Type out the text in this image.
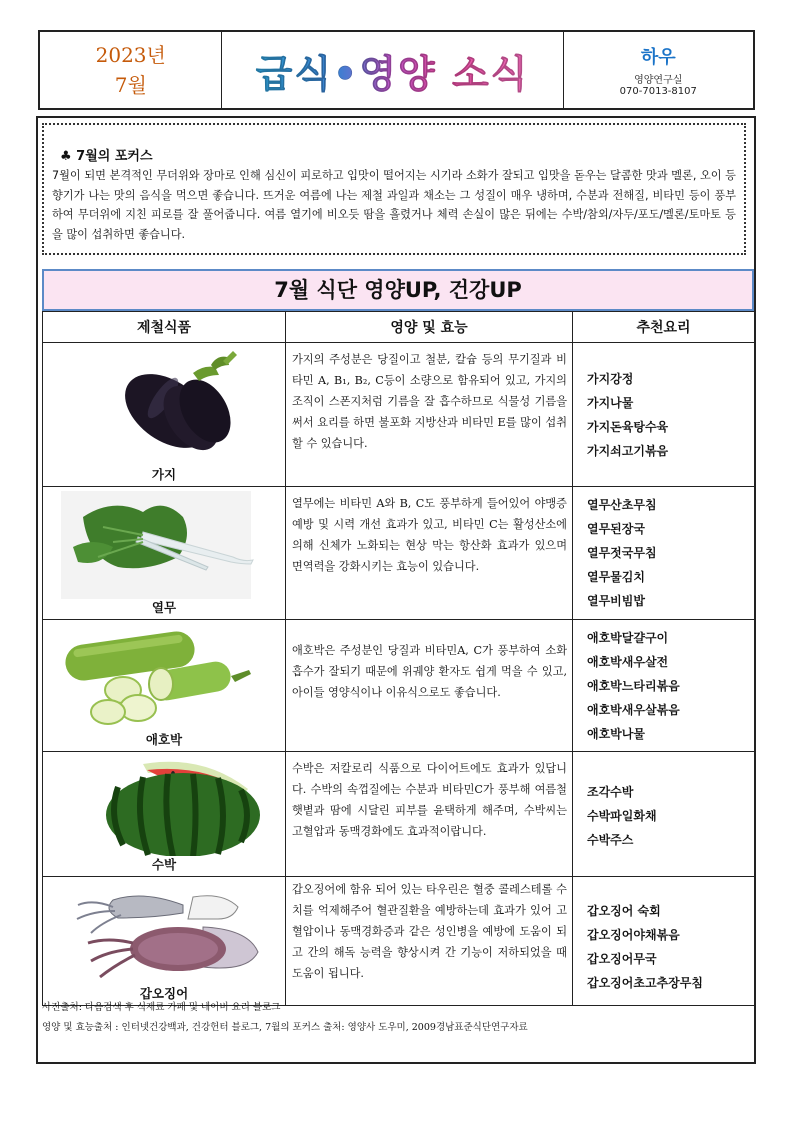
2023년
7월	급식•영양 소식	하우
영양연구실
070-7013-8107
♣ 7월의 포커스
7월이 되면 본격적인 무더위와 장마로 인해 심신이 피로하고 입맛이 떨어지는 시기라 소화가 잘되고 입맛을 돋우는 달콤한 맛과 멜론, 오이 등 향기가 나는 맛의 음식을 먹으면 좋습니다. 뜨거운 여름에 나는 제철 과일과 채소는 그 성질이 매우 냉하며, 수분과 전해질, 비타민 등이 풍부하여 무더위에 지친 피로를 잘 풀어줍니다. 여름 열기에 비오듯 땀을 흘렸거나 체력 손실이 많은 뒤에는 수박/참외/자두/포도/멜론/토마토 등을 많이 섭취하면 좋습니다.
7월 식단 영양UP, 건강UP
제철식품	영양 및 효능	추천요리

가지	가지의 주성분은 당질이고 철분, 칼슘 등의 무기질과 비타민 A, B₁, B₂, C등이 소량으로 함유되어 있고, 가지의 조직이 스폰지처럼 기름을 잘 흡수하므로 식물성 기름을 써서 요리를 하면 불포화 지방산과 비타민 E를 많이 섭취할 수 있습니다.	가지강정
가지나물
가지돈육탕수육
가지쇠고기볶음

열무	열무에는 비타민 A와 B, C도 풍부하게 들어있어 야맹증 예방 및 시력 개선 효과가 있고, 비타민 C는 활성산소에 의해 신체가 노화되는 현상 막는 항산화 효과가 있으며 면역력을 강화시키는 효능이 있습니다.	열무산초무침
열무된장국
열무젓국무침
열무물김치
열무비빔밥

애호박	애호박은 주성분인 당질과 비타민A, C가 풍부하여 소화흡수가 잘되기 때문에 위궤양 환자도 쉽게 먹을 수 있고, 아이들 영양식이나 이유식으로도 좋습니다.	애호박달걀구이
애호박새우살전
애호박느타리볶음
애호박새우살볶음
애호박나물

수박	수박은 저칼로리 식품으로 다이어트에도 효과가 있답니다. 수박의 속껍질에는 수분과 비타민C가 풍부해 여름철 햇볕과 땀에 시달린 피부를 윤택하게 해주며, 수박씨는 고혈압과 동맥경화에도 효과적이랍니다.	조각수박
수박파일화채
수박주스

갑오징어	갑오징어에 함유 되어 있는 타우린은 혈중 콜레스테롤 수치를 억제해주어 혈관질환을 예방하는데 효과가 있어 고혈압이나 동맥경화증과 같은 성인병을 예방에 도움이 되고 간의 해독 능력을 향상시켜 간 기능이 저하되었을 때 도움이 됩니다.	갑오징어 숙회
갑오징어야채볶음
갑오징어무국
갑오징어초고추장무침
사진출처: 다음검색 후 식재료 카페 및 네이버 요리 블로그
영양 및 효능출처 : 인터넷건강백과, 건강헌터 블로그, 7월의 포커스 출처: 영양사 도우미, 2009경남표준식단연구자료
